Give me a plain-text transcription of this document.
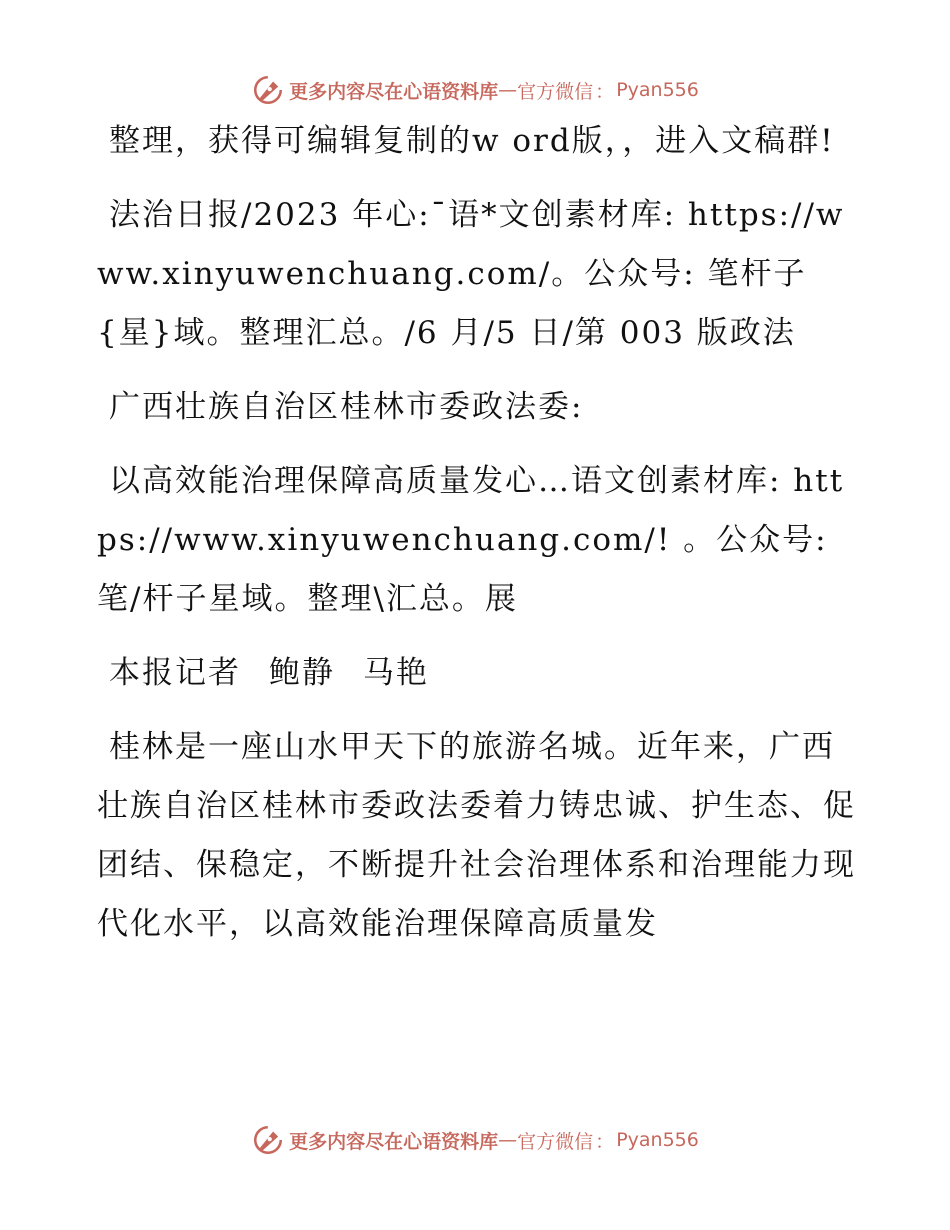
更多内容尽在心语资料库 — 官方微信 ： Pyan556

整理，获得可编辑复制的w ord版，，进入文稿群!

法治日报/2023 年心:¯语*文创素材库: https://www.xinyuwenchuang.com/。公众号: 笔杆子{星}域。整理汇总。/6 月/5 日/第 003 版政法

广西壮族自治区桂林市委政法委:

以高效能治理保障高质量发心…语文创素材库: https://www.xinyuwenchuang.com/! 。公众号: 笔/杆子星域。整理\汇总。展

本报记者 鲍静 马艳

桂林是一座山水甲天下的旅游名城。近年来，广西壮族自治区桂林市委政法委着力铸忠诚、护生态、促团结、保稳定，不断提升社会治理体系和治理能力现代化水平，以高效能治理保障高质量发

更多内容尽在心语资料库 — 官方微信 ： Pyan556
